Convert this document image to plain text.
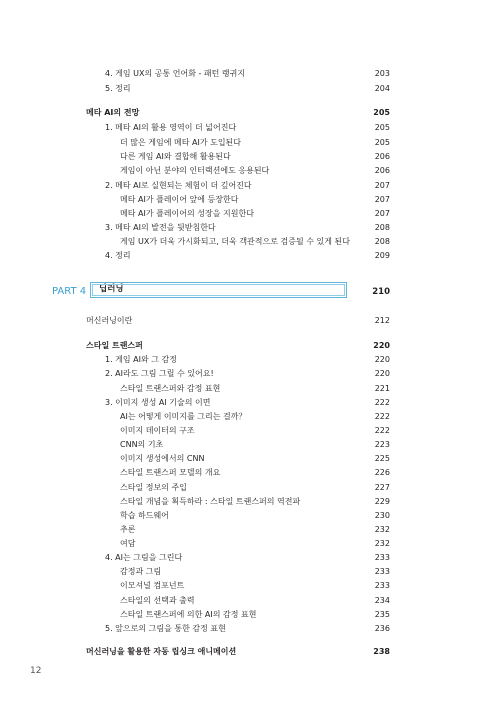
4. 게임 UX의 공통 언어화 - 패턴 랭귀지	203
5. 정리	204
메타 AI의 전망	205
1. 메타 AI의 활용 영역이 더 넓어진다	205
더 많은 게임에 메타 AI가 도입된다	205
다른 게임 AI와 결합해 활용된다	206
게임이 아닌 분야의 인터랙션에도 응용된다	206
2. 메타 AI로 실현되는 체험이 더 깊어진다	207
메타 AI가 플레이어 앞에 등장한다	207
메타 AI가 플레이어의 성장을 지원한다	207
3. 메타 AI의 발전을 뒷받침한다	208
게임 UX가 더욱 가시화되고, 더욱 객관적으로 검증될 수 있게 된다	208
4. 정리	209
머신러닝이란	212
스타일 트랜스퍼	220
1. 게임 AI와 그 감정	220
2. AI라도 그림 그릴 수 있어요!	220
스타일 트랜스퍼와 감정 표현	221
3. 이미지 생성 AI 기술의 이면	222
AI는 어떻게 이미지를 그리는 걸까？	222
이미지 데이터의 구조	222
CNN의 기초	223
이미지 생성에서의 CNN	225
스타일 트랜스퍼 모델의 개요	226
스타일 정보의 주입	227
스타일 개념을 획득하라 : 스타일 트랜스퍼의 역전파	229
학습 하드웨어	230
추론	232
여담	232
4. AI는 그림을 그린다	233
감정과 그림	233
이모셔널 컴포넌트	233
스타일의 선택과 출력	234
스타일 트랜스퍼에 의한 AI의 감정 표현	235
5. 앞으로의 그림을 통한 감정 표현	236
머신러닝을 활용한 자동 립싱크 애니메이션	238
PART 4 딥러닝	210
12
